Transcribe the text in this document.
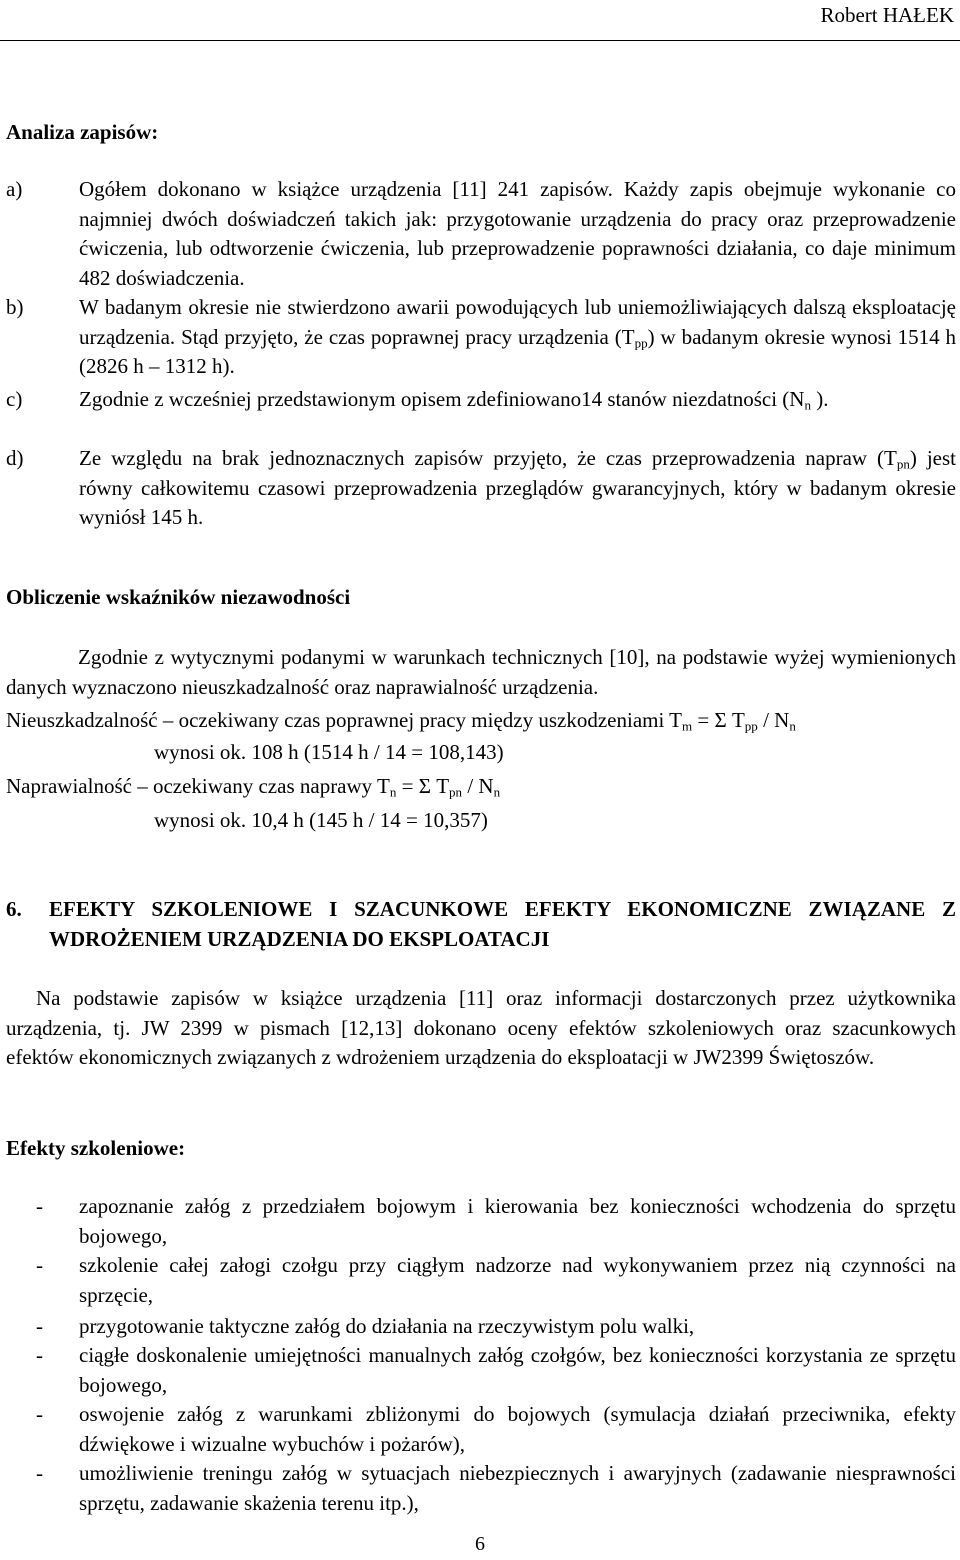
Robert HAŁEK
Analiza zapisów:
a)	Ogółem dokonano w książce urządzenia [11] 241 zapisów. Każdy zapis obejmuje wykonanie co najmniej dwóch doświadczeń takich jak: przygotowanie urządzenia do pracy oraz przeprowadzenie ćwiczenia, lub odtworzenie ćwiczenia, lub przeprowadzenie poprawności działania, co daje minimum 482 doświadczenia.
b)	W badanym okresie nie stwierdzono awarii powodujących lub uniemożliwiających dalszą eksploatację urządzenia. Stąd przyjęto, że czas poprawnej pracy urządzenia $(T_{pp})$ w badanym okresie wynosi 1514 h (2826 h – 1312 h).
c)	Zgodnie z wcześniej przedstawionym opisem zdefiniowano14 stanów niezdatności ($N_n$ ).
d)	Ze względu na brak jednoznacznych zapisów przyjęto, że czas przeprowadzenia napraw $(T_{pn})$ jest równy całkowitemu czasowi przeprowadzenia przeglądów gwarancyjnych, który w badanym okresie wyniósł 145 h.
Obliczenie wskaźników niezawodności
Zgodnie z wytycznymi podanymi w warunkach technicznych [10], na podstawie wyżej wymienionych danych wyznaczono nieuszkadzalność oraz naprawialność urządzenia.
Nieuszkadzalność – oczekiwany czas poprawnej pracy między uszkodzeniami $T_m = \Sigma$ $T_{pp} / N_n$
wynosi ok. 108 h (1514 h / 14 = 108,143)
Naprawialność – oczekiwany czas naprawy $T_n = \Sigma$ $T_{pn} / N_n$
wynosi ok. 10,4 h (145 h / 14 = 10,357)
6. EFEKTY SZKOLENIOWE I SZACUNKOWE EFEKTY EKONOMICZNE ZWIĄZANE Z WDROŻENIEM URZĄDZENIA DO EKSPLOATACJI
Na podstawie zapisów w książce urządzenia [11] oraz informacji dostarczonych przez użytkownika urządzenia, tj. JW 2399 w pismach [12,13] dokonano oceny efektów szkoleniowych oraz szacunkowych efektów ekonomicznych związanych z wdrożeniem urządzenia do eksploatacji w JW2399 Świętoszów.
Efekty szkoleniowe:
- zapoznanie załóg z przedziałem bojowym i kierowania bez konieczności wchodzenia do sprzętu bojowego,
- szkolenie całej załogi czołgu przy ciągłym nadzorze nad wykonywaniem przez nią czynności na sprzęcie,
- przygotowanie taktyczne załóg do działania na rzeczywistym polu walki,
- ciągłe doskonalenie umiejętności manualnych załóg czołgów, bez konieczności korzystania ze sprzętu bojowego,
- oswojenie załóg z warunkami zbliżonymi do bojowych (symulacja działań przeciwnika, efekty dźwiękowe i wizualne wybuchów i pożarów),
- umożliwienie treningu załóg w sytuacjach niebezpiecznych i awaryjnych (zadawanie niesprawności sprzętu, zadawanie skażenia terenu itp.),
6
